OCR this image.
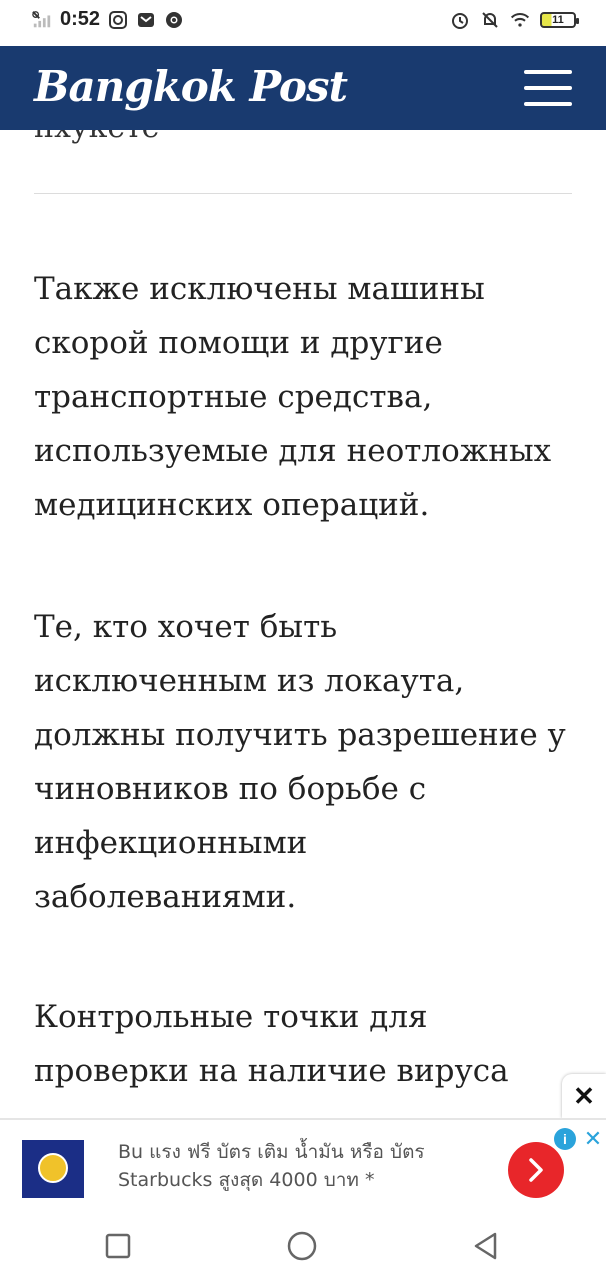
0:52	11
Bangkok Post

Также исключены машины скорой помощи и другие транспортные средства, используемые для неотложных медицинских операций.

Те, кто хочет быть исключенным из локаута, должны получить разрешение у чиновников по борьбе с инфекционными заболеваниями.

Контрольные точки для проверки на наличие вируса

✕
Bu แรง ฟรี บัตร เติม น้ำมัน หรือ บัตร Starbucks สูงสุด 4000 บาท *
i ✕
